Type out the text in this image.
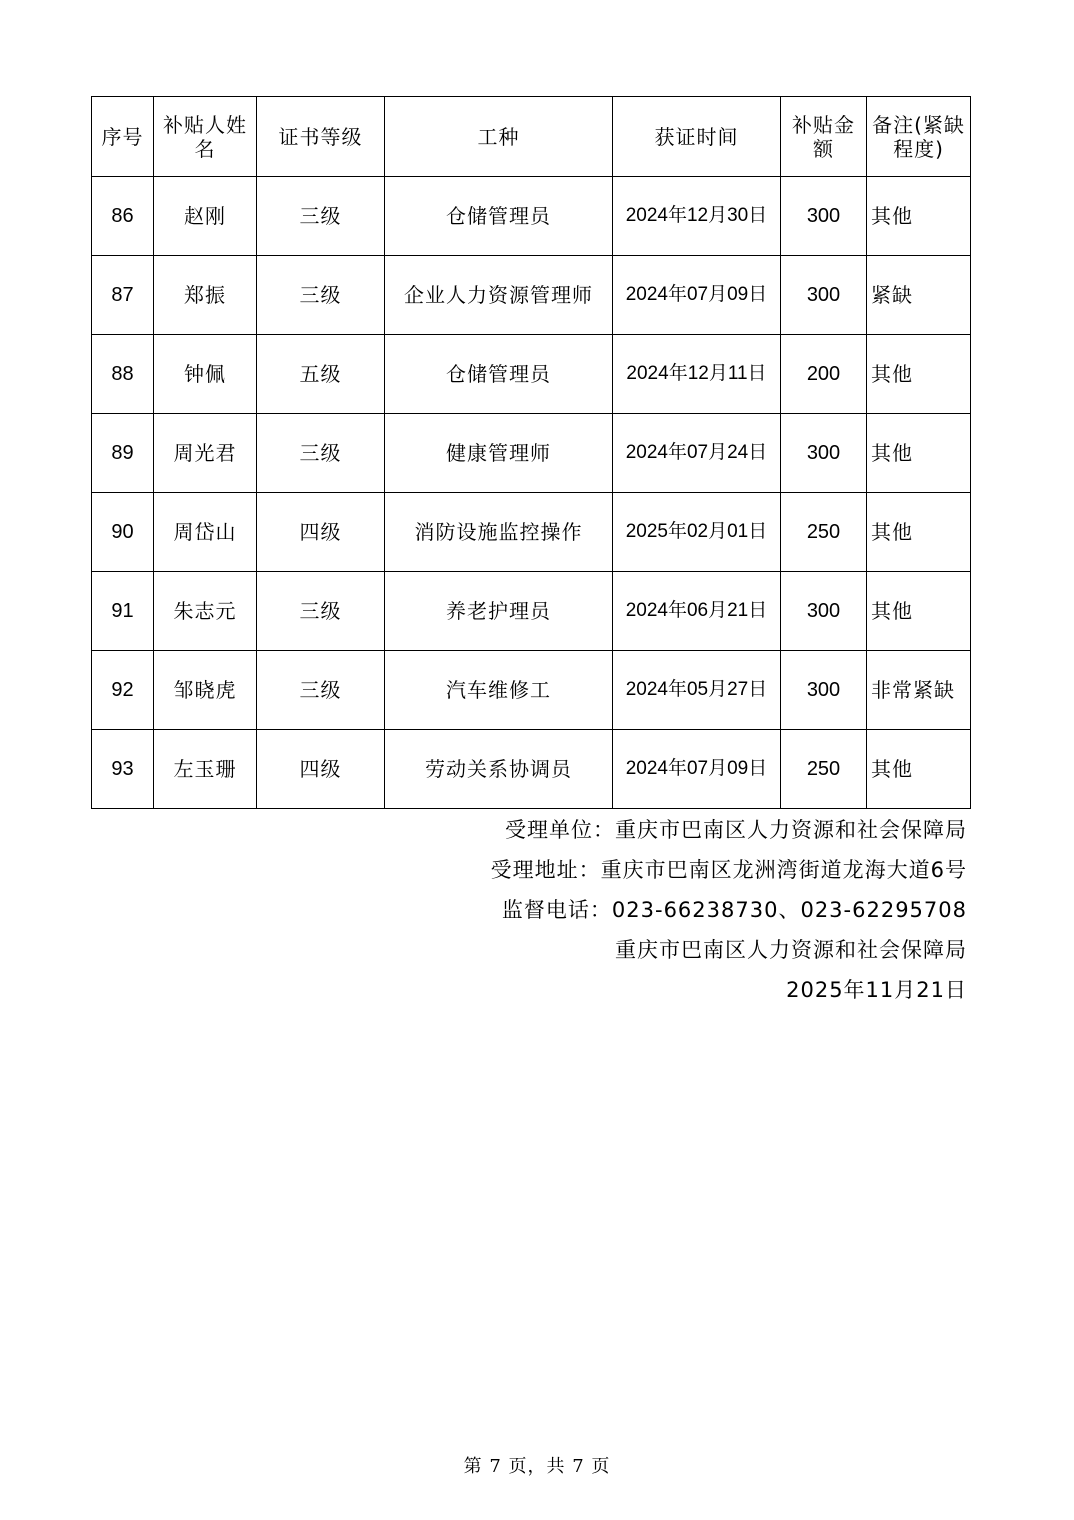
序号	补贴人姓名	证书等级	工种	获证时间	补贴金额	备注(紧缺程度)
86	赵刚	三级	仓储管理员	2024年12月30日	300	其他
87	郑振	三级	企业人力资源管理师	2024年07月09日	300	紧缺
88	钟佩	五级	仓储管理员	2024年12月11日	200	其他
89	周光君	三级	健康管理师	2024年07月24日	300	其他
90	周岱山	四级	消防设施监控操作	2025年02月01日	250	其他
91	朱志元	三级	养老护理员	2024年06月21日	300	其他
92	邹晓虎	三级	汽车维修工	2024年05月27日	300	非常紧缺
93	左玉珊	四级	劳动关系协调员	2024年07月09日	250	其他
受理单位：重庆市巴南区人力资源和社会保障局
受理地址：重庆市巴南区龙洲湾街道龙海大道6号
监督电话：023-66238730、023-62295708
重庆市巴南区人力资源和社会保障局
2025年11月21日
第 7 页，共 7 页
